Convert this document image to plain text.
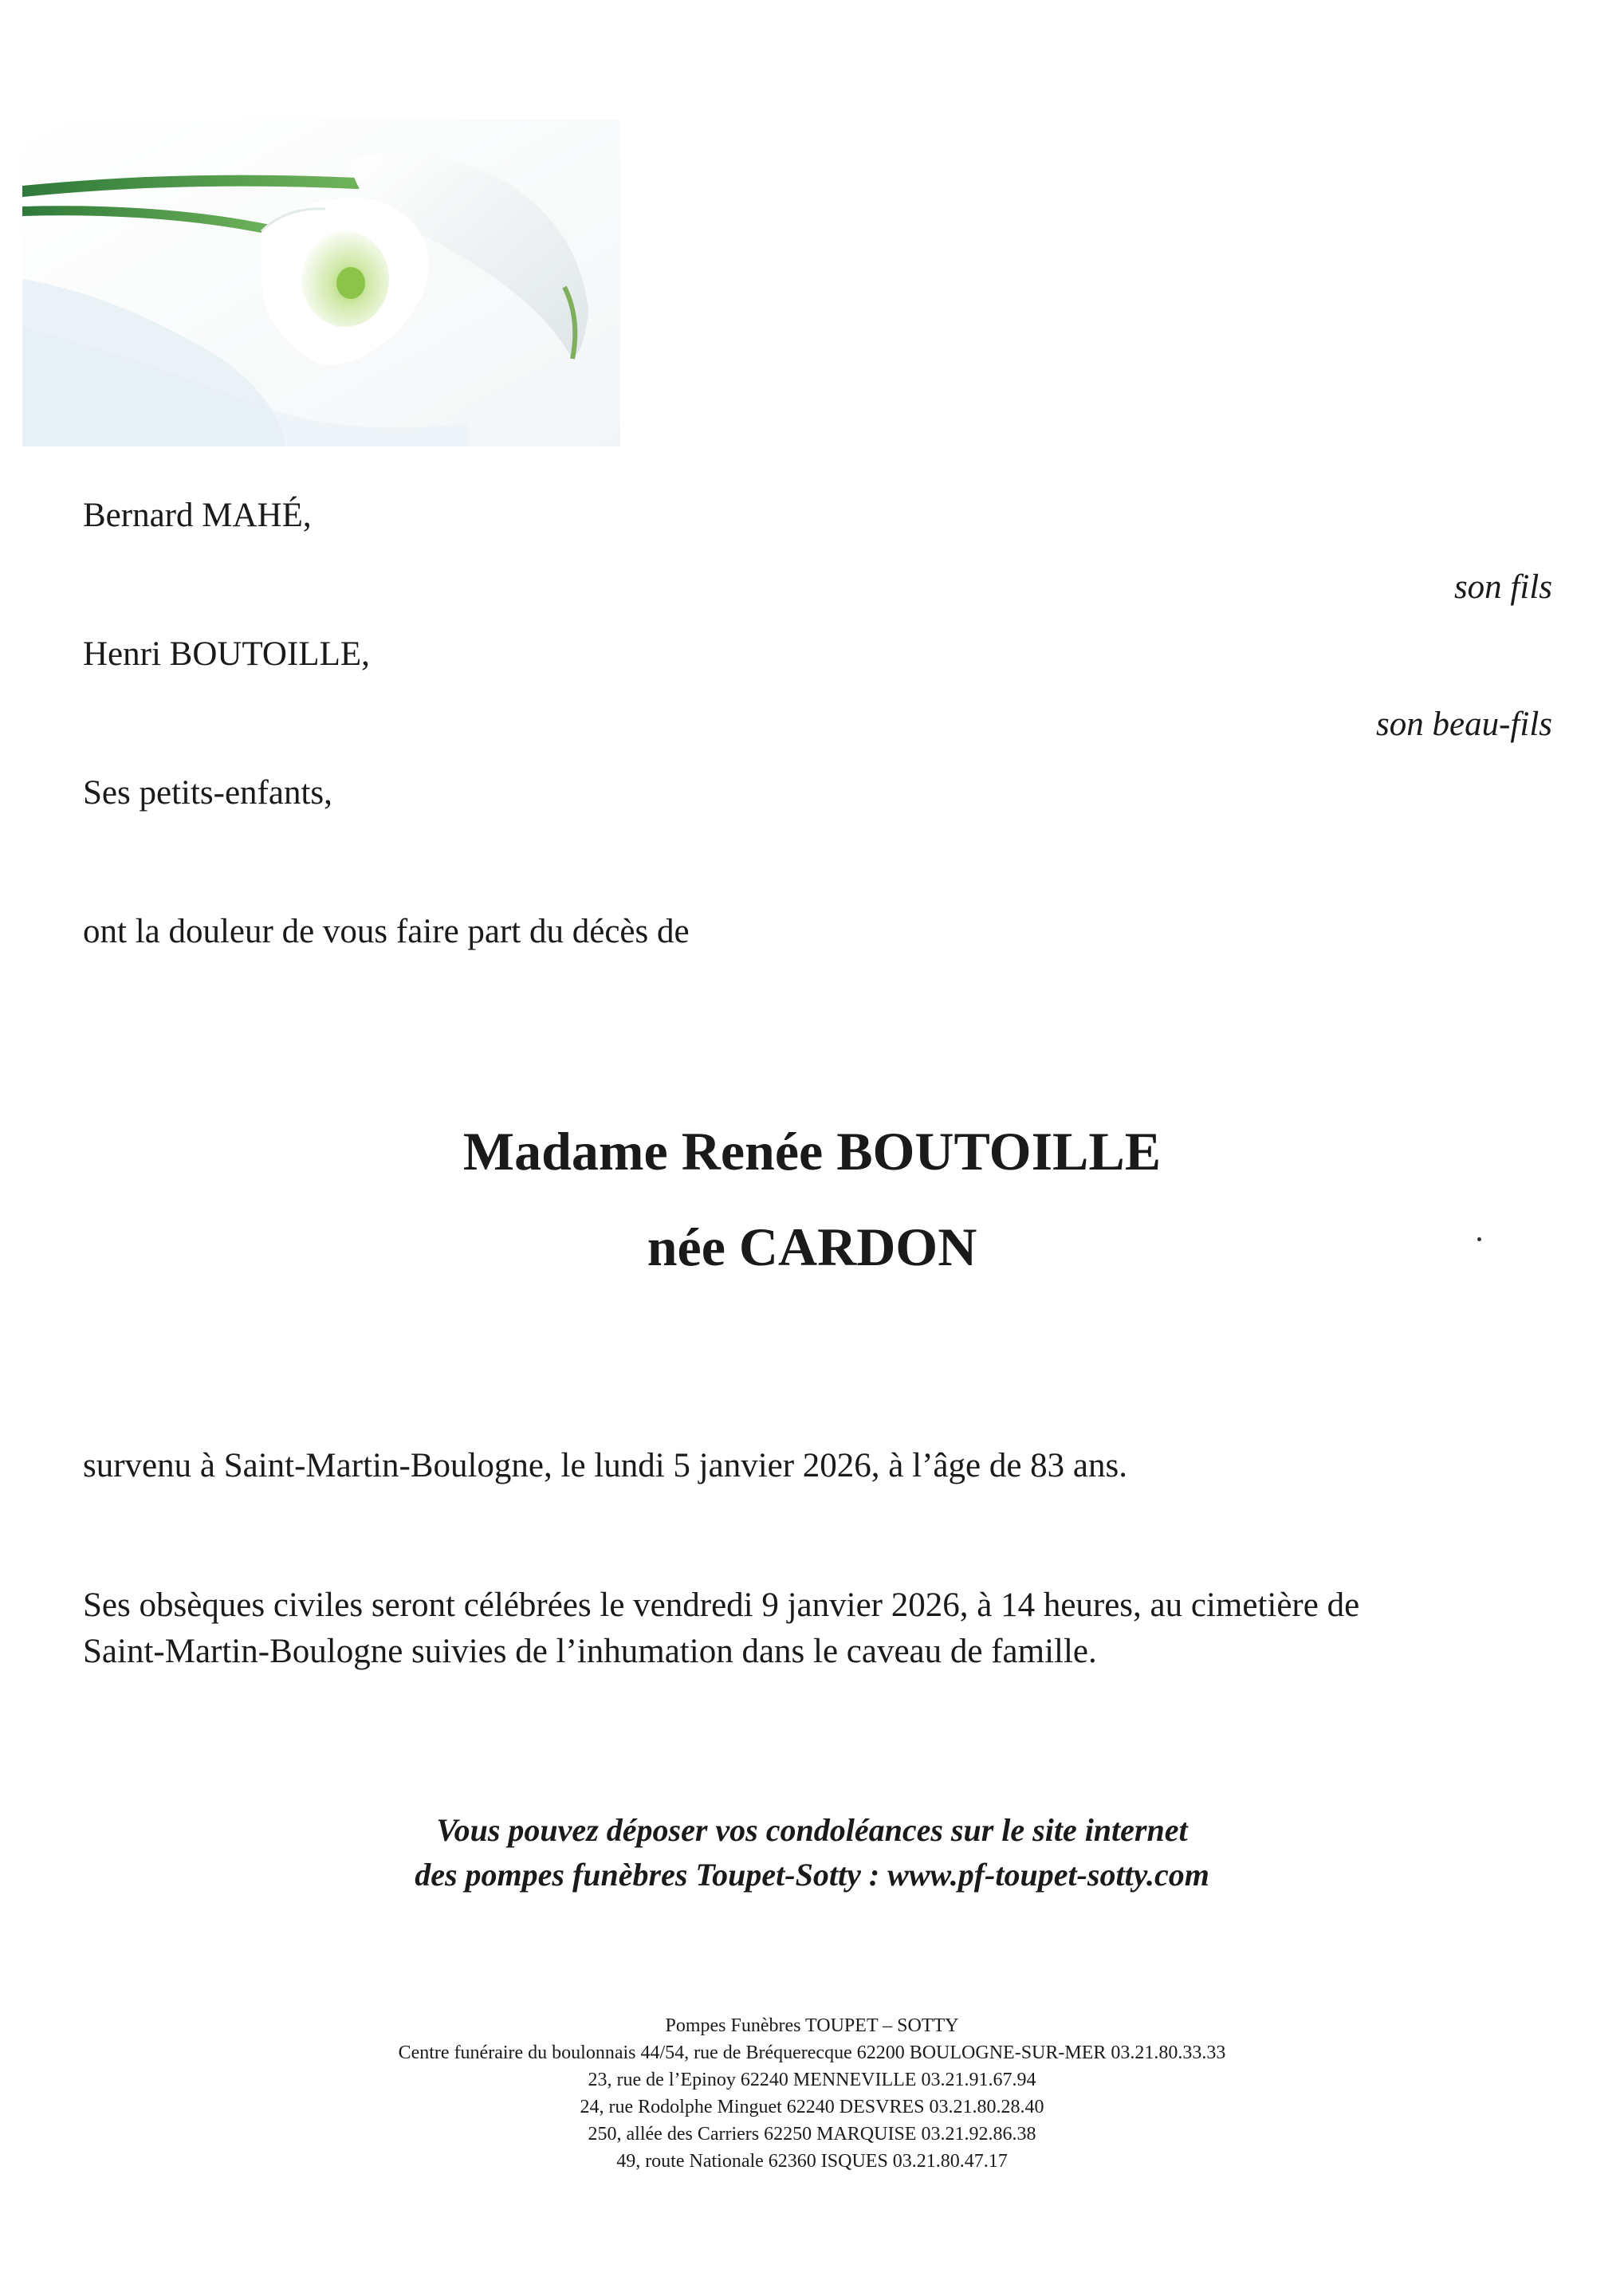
Bernard MAHÉ,
son fils
Henri BOUTOILLE,
son beau-fils
Ses petits-enfants,
ont la douleur de vous faire part du décès de
Madame Renée BOUTOILLE
née CARDON
survenu à Saint-Martin-Boulogne, le lundi 5 janvier 2026, à l’âge de 83 ans.
Ses obsèques civiles seront célébrées le vendredi 9 janvier 2026, à 14 heures, au cimetière de
Saint-Martin-Boulogne suivies de l’inhumation dans le caveau de famille.
Vous pouvez déposer vos condoléances sur le site internet
des pompes funèbres Toupet-Sotty : www.pf-toupet-sotty.com
Pompes Funèbres TOUPET – SOTTY
Centre funéraire du boulonnais 44/54, rue de Bréquerecque 62200 BOULOGNE-SUR-MER 03.21.80.33.33
23, rue de l’Epinoy 62240 MENNEVILLE 03.21.91.67.94
24, rue Rodolphe Minguet 62240 DESVRES 03.21.80.28.40
250, allée des Carriers 62250 MARQUISE 03.21.92.86.38
49, route Nationale 62360 ISQUES 03.21.80.47.17
